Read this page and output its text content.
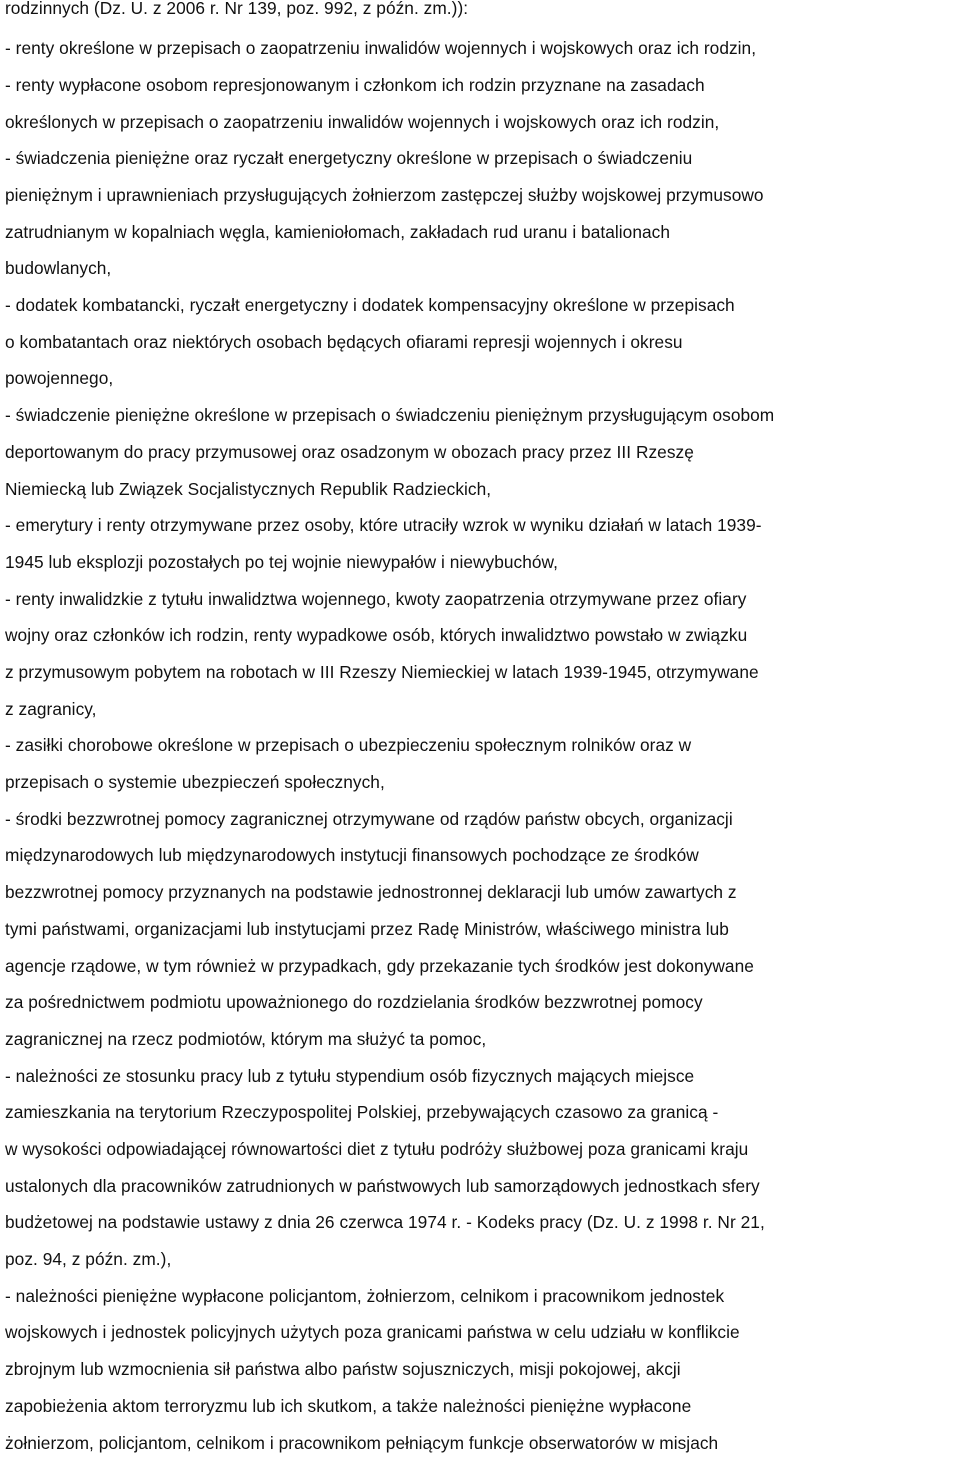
rodzinnych (Dz. U. z 2006 r. Nr 139, poz. 992, z późn. zm.)):
- renty określone w przepisach o zaopatrzeniu inwalidów wojennych i wojskowych oraz ich rodzin,
- renty wypłacone osobom represjonowanym i członkom ich rodzin przyznane na zasadach
określonych w przepisach o zaopatrzeniu inwalidów wojennych i wojskowych oraz ich rodzin,
- świadczenia pieniężne oraz ryczałt energetyczny określone w przepisach o świadczeniu
pieniężnym i uprawnieniach przysługujących żołnierzom zastępczej służby wojskowej przymusowo
zatrudnianym w kopalniach węgla, kamieniołomach, zakładach rud uranu i batalionach
budowlanych,
- dodatek kombatancki, ryczałt energetyczny i dodatek kompensacyjny określone w przepisach
o kombatantach oraz niektórych osobach będących ofiarami represji wojennych i okresu
powojennego,
- świadczenie pieniężne określone w przepisach o świadczeniu pieniężnym przysługującym osobom
deportowanym do pracy przymusowej oraz osadzonym w obozach pracy przez III Rzeszę
Niemiecką lub Związek Socjalistycznych Republik Radzieckich,
- emerytury i renty otrzymywane przez osoby, które utraciły wzrok w wyniku działań w latach 1939-
1945 lub eksplozji pozostałych po tej wojnie niewypałów i niewybuchów,
- renty inwalidzkie z tytułu inwalidztwa wojennego, kwoty zaopatrzenia otrzymywane przez ofiary
wojny oraz członków ich rodzin, renty wypadkowe osób, których inwalidztwo powstało w związku
z przymusowym pobytem na robotach w III Rzeszy Niemieckiej w latach 1939-1945, otrzymywane
z zagranicy,
- zasiłki chorobowe określone w przepisach o ubezpieczeniu społecznym rolników oraz w
przepisach o systemie ubezpieczeń społecznych,
- środki bezzwrotnej pomocy zagranicznej otrzymywane od rządów państw obcych, organizacji
międzynarodowych lub międzynarodowych instytucji finansowych pochodzące ze środków
bezzwrotnej pomocy przyznanych na podstawie jednostronnej deklaracji lub umów zawartych z
tymi państwami, organizacjami lub instytucjami przez Radę Ministrów, właściwego ministra lub
agencje rządowe, w tym również w przypadkach, gdy przekazanie tych środków jest dokonywane
za pośrednictwem podmiotu upoważnionego do rozdzielania środków bezzwrotnej pomocy
zagranicznej na rzecz podmiotów, którym ma służyć ta pomoc,
- należności ze stosunku pracy lub z tytułu stypendium osób fizycznych mających miejsce
zamieszkania na terytorium Rzeczypospolitej Polskiej, przebywających czasowo za granicą -
w wysokości odpowiadającej równowartości diet z tytułu podróży służbowej poza granicami kraju
ustalonych dla pracowników zatrudnionych w państwowych lub samorządowych jednostkach sfery
budżetowej na podstawie ustawy z dnia 26 czerwca 1974 r. - Kodeks pracy (Dz. U. z 1998 r. Nr 21,
poz. 94, z późn. zm.),
- należności pieniężne wypłacone policjantom, żołnierzom, celnikom i pracownikom jednostek
wojskowych i jednostek policyjnych użytych poza granicami państwa w celu udziału w konflikcie
zbrojnym lub wzmocnienia sił państwa albo państw sojuszniczych, misji pokojowej, akcji
zapobieżenia aktom terroryzmu lub ich skutkom, a także należności pieniężne wypłacone
żołnierzom, policjantom, celnikom i pracownikom pełniącym funkcje obserwatorów w misjach
